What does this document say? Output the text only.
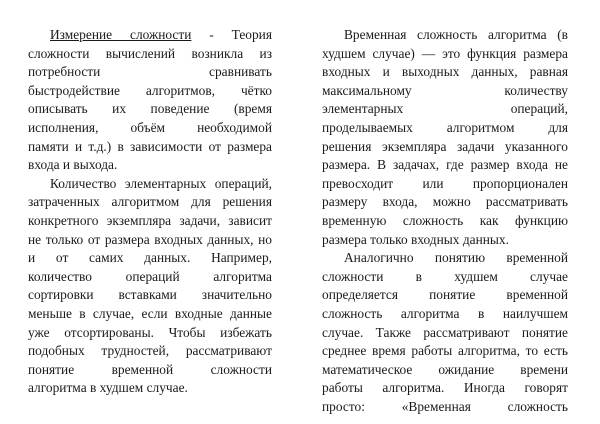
Измерение сложности - Теория
сложности вычислений возникла из
потребности сравнивать
быстродействие алгоритмов, чётко
описывать их поведение (время
исполнения, объём необходимой
памяти и т.д.) в зависимости от размера
входа и выхода.
Количество элементарных операций,
затраченных алгоритмом для решения
конкретного экземпляра задачи, зависит
не только от размера входных данных, но
и от самих данных. Например,
количество операций алгоритма
сортировки вставками значительно
меньше в случае, если входные данные
уже отсортированы. Чтобы избежать
подобных трудностей, рассматривают
понятие временной сложности
алгоритма в худшем случае.
Временная сложность алгоритма (в
худшем случае) — это функция размера
входных и выходных данных, равная
максимальному количеству
элементарных операций,
проделываемых алгоритмом для
решения экземпляра задачи указанного
размера. В задачах, где размер входа не
превосходит или пропорционален
размеру входа, можно рассматривать
временную сложность как функцию
размера только входных данных.
Аналогично понятию временной
сложности в худшем случае
определяется понятие временной
сложность алгоритма в наилучшем
случае. Также рассматривают понятие
среднее время работы алгоритма, то есть
математическое ожидание времени
работы алгоритма. Иногда говорят
просто: «Временная сложность
